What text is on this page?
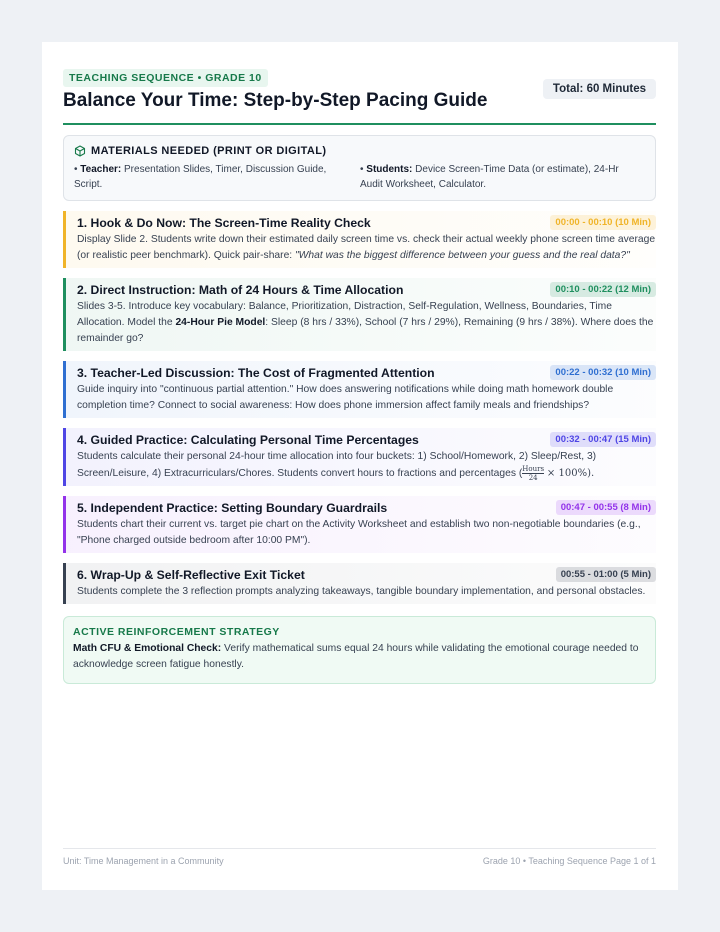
TEACHING SEQUENCE • GRADE 10
Balance Your Time: Step-by-Step Pacing Guide
Total: 60 Minutes
MATERIALS NEEDED (PRINT OR DIGITAL)
• Teacher: Presentation Slides, Timer, Discussion Guide, Script.
• Students: Device Screen-Time Data (or estimate), 24-Hr Audit Worksheet, Calculator.
1. Hook & Do Now: The Screen-Time Reality Check	00:00 - 00:10 (10 Min)
Display Slide 2. Students write down their estimated daily screen time vs. check their actual weekly phone screen time average (or realistic peer benchmark). Quick pair-share: "What was the biggest difference between your guess and the real data?"
2. Direct Instruction: Math of 24 Hours & Time Allocation	00:10 - 00:22 (12 Min)
Slides 3-5. Introduce key vocabulary: Balance, Prioritization, Distraction, Self-Regulation, Wellness, Boundaries, Time Allocation. Model the 24-Hour Pie Model: Sleep (8 hrs / 33%), School (7 hrs / 29%), Remaining (9 hrs / 38%). Where does the remainder go?
3. Teacher-Led Discussion: The Cost of Fragmented Attention	00:22 - 00:32 (10 Min)
Guide inquiry into "continuous partial attention." How does answering notifications while doing math homework double completion time? Connect to social awareness: How does phone immersion affect family meals and friendships?
4. Guided Practice: Calculating Personal Time Percentages	00:32 - 00:47 (15 Min)
Students calculate their personal 24-hour time allocation into four buckets: 1) School/Homework, 2) Sleep/Rest, 3) Screen/Leisure, 4) Extracurriculars/Chores. Students convert hours to fractions and percentages ( $\frac{\text{Hours}}{24} \times 100\%$).
5. Independent Practice: Setting Boundary Guardrails	00:47 - 00:55 (8 Min)
Students chart their current vs. target pie chart on the Activity Worksheet and establish two non-negotiable boundaries (e.g., "Phone charged outside bedroom after 10:00 PM").
6. Wrap-Up & Self-Reflective Exit Ticket	00:55 - 01:00 (5 Min)
Students complete the 3 reflection prompts analyzing takeaways, tangible boundary implementation, and personal obstacles.
ACTIVE REINFORCEMENT STRATEGY
Math CFU & Emotional Check: Verify mathematical sums equal 24 hours while validating the emotional courage needed to acknowledge screen fatigue honestly.
Unit: Time Management in a Community	Grade 10 • Teaching Sequence Page 1 of 1
